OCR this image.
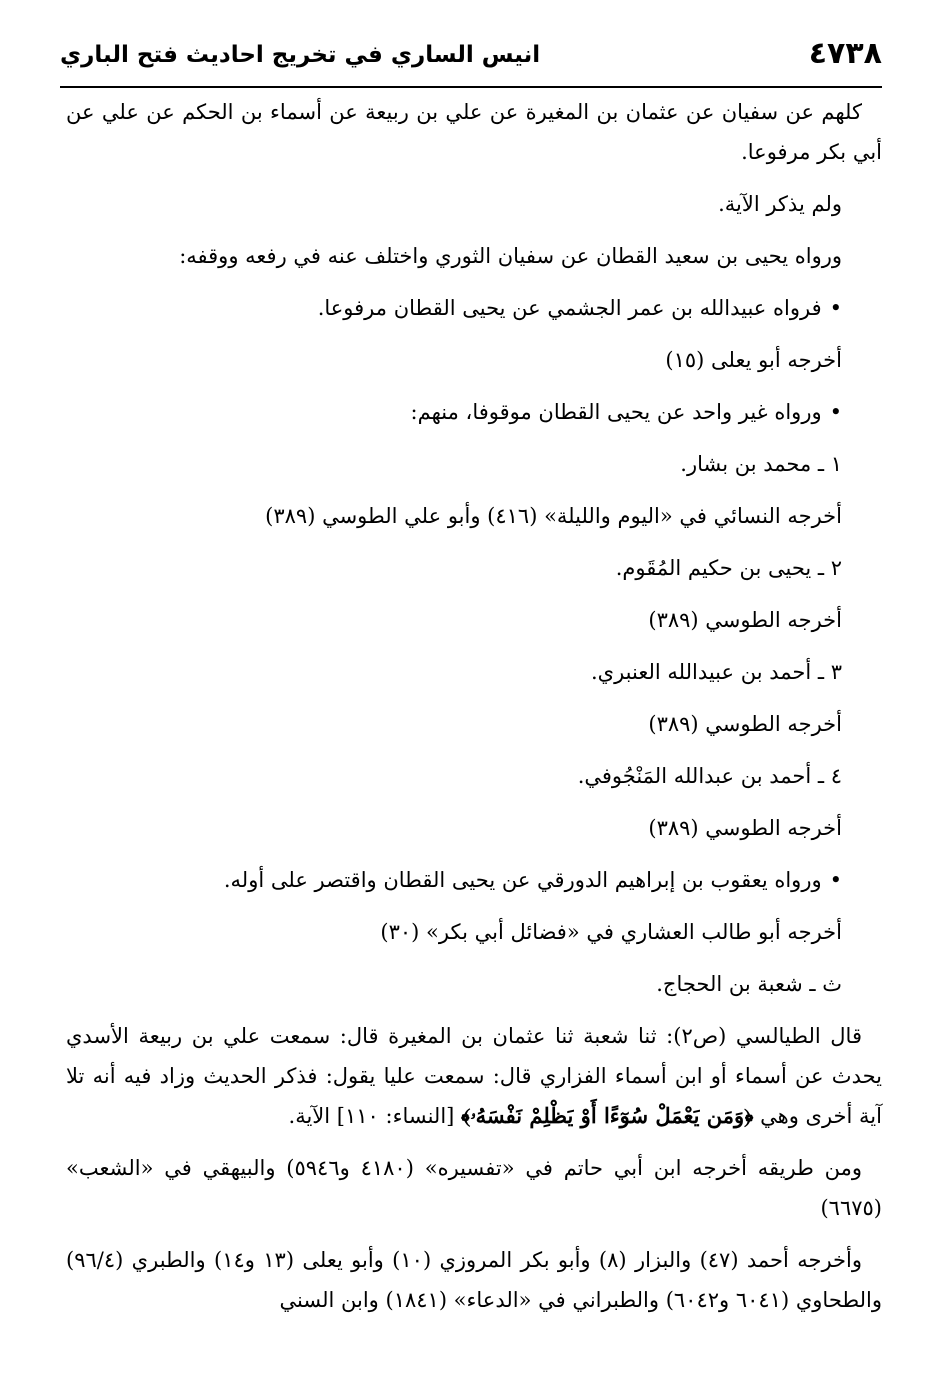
٤٧٣٨
انيس الساري في تخريج احاديث فتح الباري

كلهم عن سفيان عن عثمان بن المغيرة عن علي بن ربيعة عن أسماء بن الحكم عن علي عن أبي بكر مرفوعا.

ولم يذكر الآية.

ورواه يحيى بن سعيد القطان عن سفيان الثوري واختلف عنه في رفعه ووقفه:

• فرواه عبيدالله بن عمر الجشمي عن يحيى القطان مرفوعا.

أخرجه أبو يعلى (١٥)

• ورواه غير واحد عن يحيى القطان موقوفا، منهم:

١ ـ محمد بن بشار.

أخرجه النسائي في «اليوم والليلة» (٤١٦) وأبو علي الطوسي (٣٨٩)

٢ ـ يحيى بن حكيم المُقَوم.

أخرجه الطوسي (٣٨٩)

٣ ـ أحمد بن عبيدالله العنبري.

أخرجه الطوسي (٣٨٩)

٤ ـ أحمد بن عبدالله المَنْجُوفي.

أخرجه الطوسي (٣٨٩)

• ورواه يعقوب بن إبراهيم الدورقي عن يحيى القطان واقتصر على أوله.

أخرجه أبو طالب العشاري في «فضائل أبي بكر» (٣٠)

ث ـ شعبة بن الحجاج.

قال الطيالسي (ص٢): ثنا شعبة ثنا عثمان بن المغيرة قال: سمعت علي بن ربيعة الأسدي يحدث عن أسماء أو ابن أسماء الفزاري قال: سمعت عليا يقول: فذكر الحديث وزاد فيه أنه تلا آية أخرى وهي ﴿وَمَن يَعْمَلْ سُوٓءًا أَوْ يَظْلِمْ نَفْسَهُۥ﴾ [النساء: ١١٠] الآية.

ومن طريقه أخرجه ابن أبي حاتم في «تفسيره» (٤١٨٠ و٥٩٤٦) والبيهقي في «الشعب» (٦٦٧٥)

وأخرجه أحمد (٤٧) والبزار (٨) وأبو بكر المروزي (١٠) وأبو يعلى (١٣ و١٤) والطبري (٩٦/٤) والطحاوي (٦٠٤١ و٦٠٤٢) والطبراني في «الدعاء» (١٨٤١) وابن السني
